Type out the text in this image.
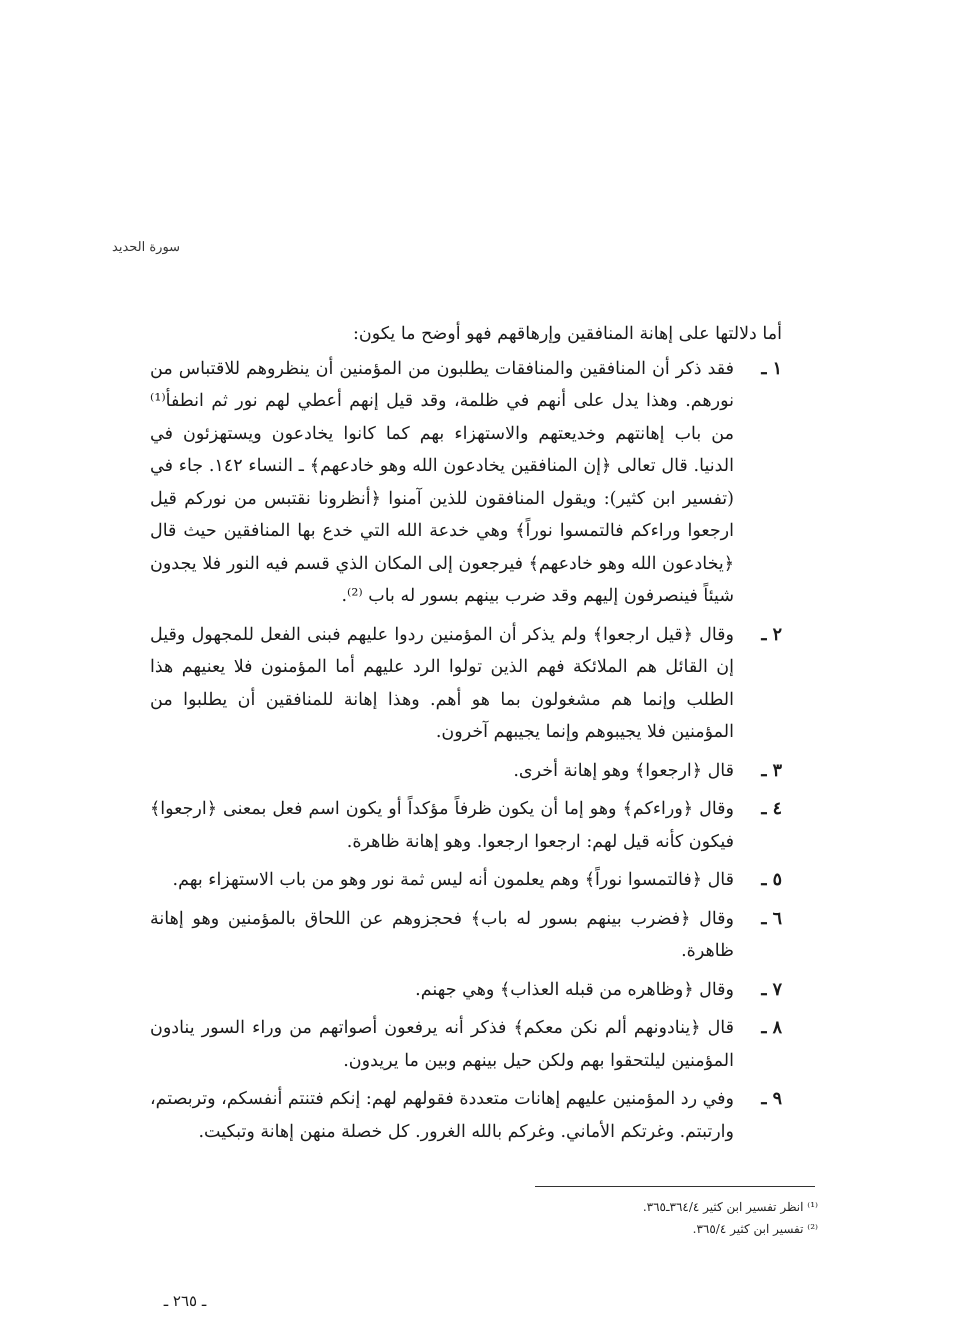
سورة الحديد

أما دلالتها على إهانة المنافقين وإرهاقهم فهو أوضح ما يكون:

١ ـ
فقد ذكر أن المنافقين والمنافقات يطلبون من المؤمنين أن ينظروهم للاقتباس من نورهم. وهذا يدل على أنهم في ظلمة، وقد قيل إنهم أعطي لهم نور ثم انطفأ⁽¹⁾ من باب إهانتهم وخديعتهم والاستهزاء بهم كما كانوا يخادعون ويستهزئون في الدنيا. قال تعالى ﴿إن المنافقين يخادعون الله وهو خادعهم﴾ ـ النساء ١٤٢. جاء في (تفسير ابن كثير): ويقول المنافقون للذين آمنوا ﴿أنظرونا نقتبس من نوركم قيل ارجعوا وراءكم فالتمسوا نوراً﴾ وهي خدعة الله التي خدع بها المنافقين حيث قال ﴿يخادعون الله وهو خادعهم﴾ فيرجعون إلى المكان الذي قسم فيه النور فلا يجدون شيئاً فينصرفون إليهم وقد ضرب بينهم بسور له باب ⁽²⁾.
٢ ـ
وقال ﴿قيل ارجعوا﴾ ولم يذكر أن المؤمنين ردوا عليهم فبنى الفعل للمجهول وقيل إن القائل هم الملائكة فهم الذين تولوا الرد عليهم أما المؤمنون فلا يعنيهم هذا الطلب وإنما هم مشغولون بما هو أهم. وهذا إهانة للمنافقين أن يطلبوا من المؤمنين فلا يجيبوهم وإنما يجيبهم آخرون.
٣ ـ
قال ﴿ارجعوا﴾ وهو إهانة أخرى.
٤ ـ
وقال ﴿وراءكم﴾ وهو إما أن يكون ظرفاً مؤكداً أو يكون اسم فعل بمعنى ﴿ارجعوا﴾ فيكون كأنه قيل لهم: ارجعوا ارجعوا. وهو إهانة ظاهرة.
٥ ـ
قال ﴿فالتمسوا نوراً﴾ وهم يعلمون أنه ليس ثمة نور وهو من باب الاستهزاء بهم.
٦ ـ
وقال ﴿فضرب بينهم بسور له باب﴾ فحجزوهم عن اللحاق بالمؤمنين وهو إهانة ظاهرة.
٧ ـ
وقال ﴿وظاهره من قبله العذاب﴾ وهي جهنم.
٨ ـ
قال ﴿ينادونهم ألم نكن معكم﴾ فذكر أنه يرفعون أصواتهم من وراء السور ينادون المؤمنين ليلتحقوا بهم ولكن حيل بينهم وبين ما يريدون.
٩ ـ
وفي رد المؤمنين عليهم إهانات متعددة فقولهم لهم: إنكم فتنتم أنفسكم، وتربصتم، وارتبتم. وغرتكم الأماني. وغركم بالله الغرور. كل خصلة منهن إهانة وتبكيت.
⁽¹⁾ انظر تفسير ابن كثير ٣٦٤/٤ـ٣٦٥.
⁽²⁾ تفسير ابن كثير ٣٦٥/٤.
ـ ٢٦٥ ـ
